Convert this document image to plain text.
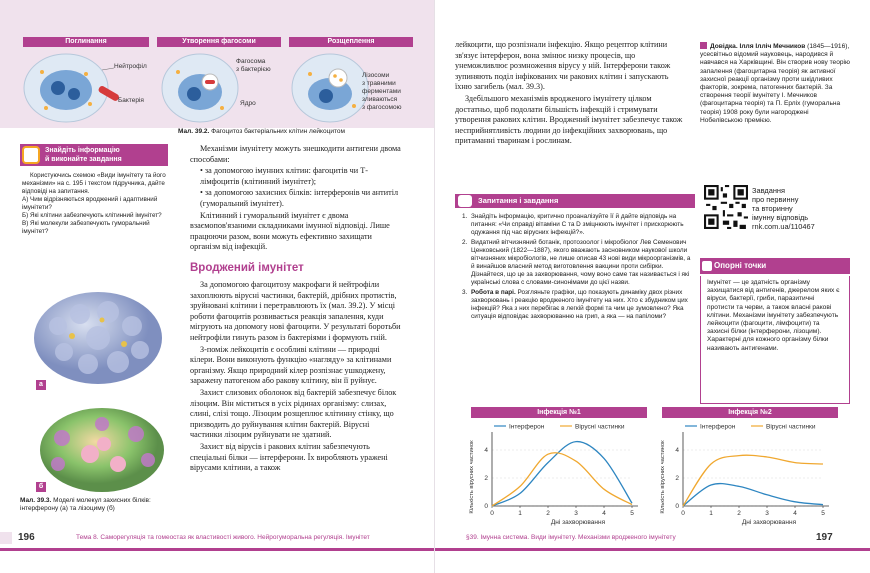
Поглинання
Нейтрофіл
Бактерія
Утворення фагосоми
Фагосома
з бактерією
Ядро
Розщеплення
Лізосоми
з травними
ферментами
зливаються
з фагосомою
Мал. 39.2. Фагоцитоз бактеріальних клітин лейкоцитом
Знайдіть інформацію
й виконайте завдання

Користуючись схемою «Види імунітету та його механізми» на с. 195 і текстом підручника, дайте відповіді на запитання.

А) Чим відрізняються вроджений і адаптивний імунітети?

Б) Які клітини забезпечують клітинний імунітет?

В) Які молекули забезпечують гуморальний імунітет?

Механізми імунітету можуть знешкодити антигени двома способами:

• за допомогою імунних клітин: фагоцитів чи Т-лімфоцитів (клітинний імунітет);

• за допомогою захисних білків: інтерферонів чи антитіл (гуморальний імунітет).

Клітинний і гуморальний імунітет є двома взаємопов'язаними складниками імунної відповіді. Лише працюючи разом, вони можуть ефективно захищати організм від інфекцій.

Вроджений імунітет

За допомогою фагоцитозу макрофаги й нейтрофіли захоплюють вірусні частинки, бактерій, дрібних протистів, зруйновані клітини і перетравлюють їх (мал. 39.2). У місці роботи фагоцитів розвивається реакція запалення, куди мігрують на допомогу нові фагоцити. У результаті боротьби нейтрофіли гинуть разом із бактеріями і формують гній.

З-поміж лейкоцитів є особливі клітини — природні кілери. Вони виконують функцію «нагляду» за клітинами організму. Якщо природний кілер розпізнає ушкоджену, заражену патогеном або ракову клітину, він її руйнує.

Захист слизових оболонок від бактерій забезпечує білок лізоцим. Він міститься в усіх рідинах організму: слизах, слині, слізі тощо. Лізоцим розщеплює клітинну стінку, що призводить до руйнування клітин бактерій. Вірусні частинки лізоцим руйнувати не здатний.

Захист від вірусів і ракових клітин забезпечують спеціальні білки — інтерферони. Їх виробляють уражені вірусами клітини, а також

а
б
Мал. 39.3. Моделі молекул захисних білків: інтерферону (а) та лізоциму (б)
196	Тема 8. Саморегуляція та гомеостаз як властивості живого. Нейрогуморальна регуляція. Імунітет

лейкоцити, що розпізнали інфекцію. Якщо рецептор клітини зв'язує інтерферон, вона змінює низку процесів, що унеможливлює розмноження вірусу у ній. Інтерферони також зупиняють поділ інфікованих чи ракових клітин і запускають їхню загибель (мал. 39.3).

Здебільшого механізмів вродженого імунітету цілком достатньо, щоб подолати більшість інфекцій і стримувати утворення ракових клітин. Вроджений імунітет забезпечує також несприйнятливість людини до інфекційних захворювань, що притаманні тваринам і рослинам.

Довідка. Ілля Ілліч Мечников (1845—1916), усесвітньо відомий науковець, народився й навчався на Харківщині. Він створив нову теорію запалення (фагоцитарна теорія) як активної захисної реакції організму проти шкідливих факторів, зокрема, патогенних бактерій. За створення теорії імунітету І. Мечников (фагоцитарна теорія) та П. Ерліх (гуморальна теорія) 1908 року були нагороджені Нобелівською премією.
Завдання
про первинну
та вторинну
імунну відповідь
rnk.com.ua/110467
Запитання і завдання
1. Знайдіть інформацію, критично проаналізуйте її й дайте відповідь на питання: «Чи справді вітаміни С та D зміцнюють імунітет і прискорюють одужання під час вірусних інфекцій?».
2. Видатний вітчизняний ботанік, протозоолог і мікробіолог Лев Семенович Ценковський (1822—1887), якого вважають засновником наукової школи вітчизняних мікробіологів, не лише описав 43 нові види мікроорганізмів, а й винайшов власний метод виготовлення вакцини проти сибірки. Дізнайтеся, що це за захворювання, чому воно саме так називається і які українські слова с словами-синонімами до цієї назви.
3. Робота в парі. Розгляньте графіки, що показують динаміку двох різних захворювань і реакцію вродженого імунітету на них. Хто є збудником цих інфекцій? Яка з них перебігає в легкій формі та чим це зумовлено? Яка ситуація відповідає захворюванню на грип, а яка — на папіломи?
Опорні точки
Імунітет — це здатність організму захищатися від антигенів, джерелом яких є віруси, бактерії, гриби, паразитичні протисти та черви, а також власні ракові клітини. Механізми імунітету забезпечують лейкоцити (фагоцити, лімфоцити) та захисні білки (інтерферони, лізоцим). Характерні для кожного організму білки називають антигенами.
Інфекція №1	Інфекція №2
Інтерферон	Вірусні частинки
0
2
4
0	1	2	3	4	5
Дні захворювання
Кількість вірусних частинок
Інтерферон	Вірусні частинки
0
2
4
0	1	2	3	4	5
Дні захворювання
Кількість вірусних частинок
§39. Імунна система. Види імунітету. Механізми вродженого імунітету	197
